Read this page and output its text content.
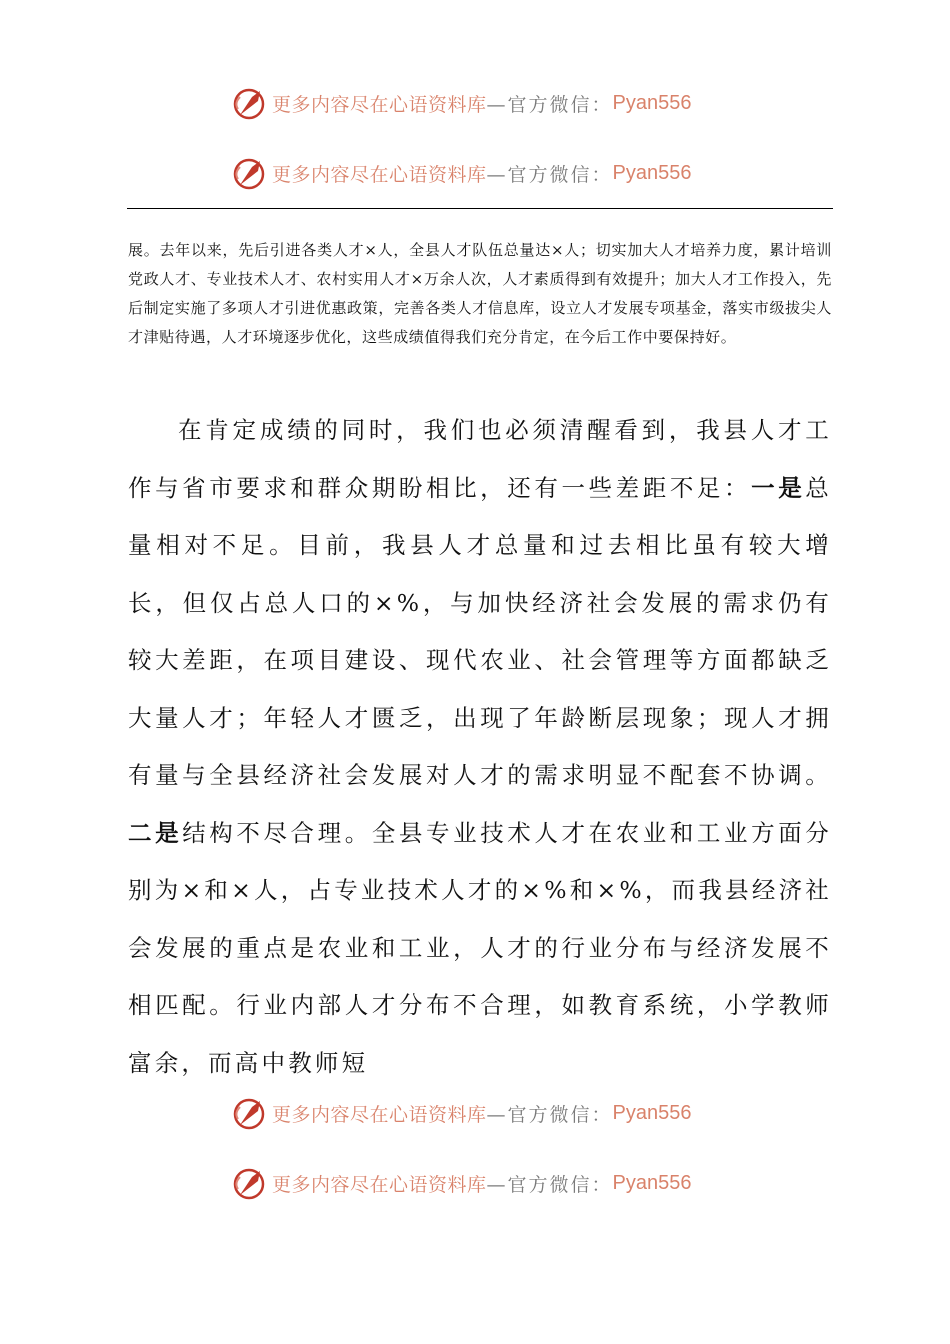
更多内容尽在心语资料库 —官方微信： Pyan556
更多内容尽在心语资料库 —官方微信： Pyan556

展。去年以来，先后引进各类人才×人，全县人才队伍总量达×人；切实加大人才培养力度，累计培训党政人才、专业技术人才、农村实用人才×万余人次，人才素质得到有效提升；加大人才工作投入，先后制定实施了多项人才引进优惠政策，完善各类人才信息库，设立人才发展专项基金，落实市级拔尖人才津贴待遇，人才环境逐步优化，这些成绩值得我们充分肯定，在今后工作中要保持好。

在肯定成绩的同时，我们也必须清醒看到，我县人才工作与省市要求和群众期盼相比，还有一些差距不足：一是总量相对不足。目前，我县人才总量和过去相比虽有较大增长，但仅占总人口的×%，与加快经济社会发展的需求仍有较大差距，在项目建设、现代农业、社会管理等方面都缺乏大量人才；年轻人才匮乏，出现了年龄断层现象；现人才拥有量与全县经济社会发展对人才的需求明显不配套不协调。二是结构不尽合理。全县专业技术人才在农业和工业方面分别为×和×人，占专业技术人才的×%和×%，而我县经济社会发展的重点是农业和工业，人才的行业分布与经济发展不相匹配。行业内部人才分布不合理，如教育系统，小学教师富余，而高中教师短

更多内容尽在心语资料库 —官方微信： Pyan556
更多内容尽在心语资料库 —官方微信： Pyan556
